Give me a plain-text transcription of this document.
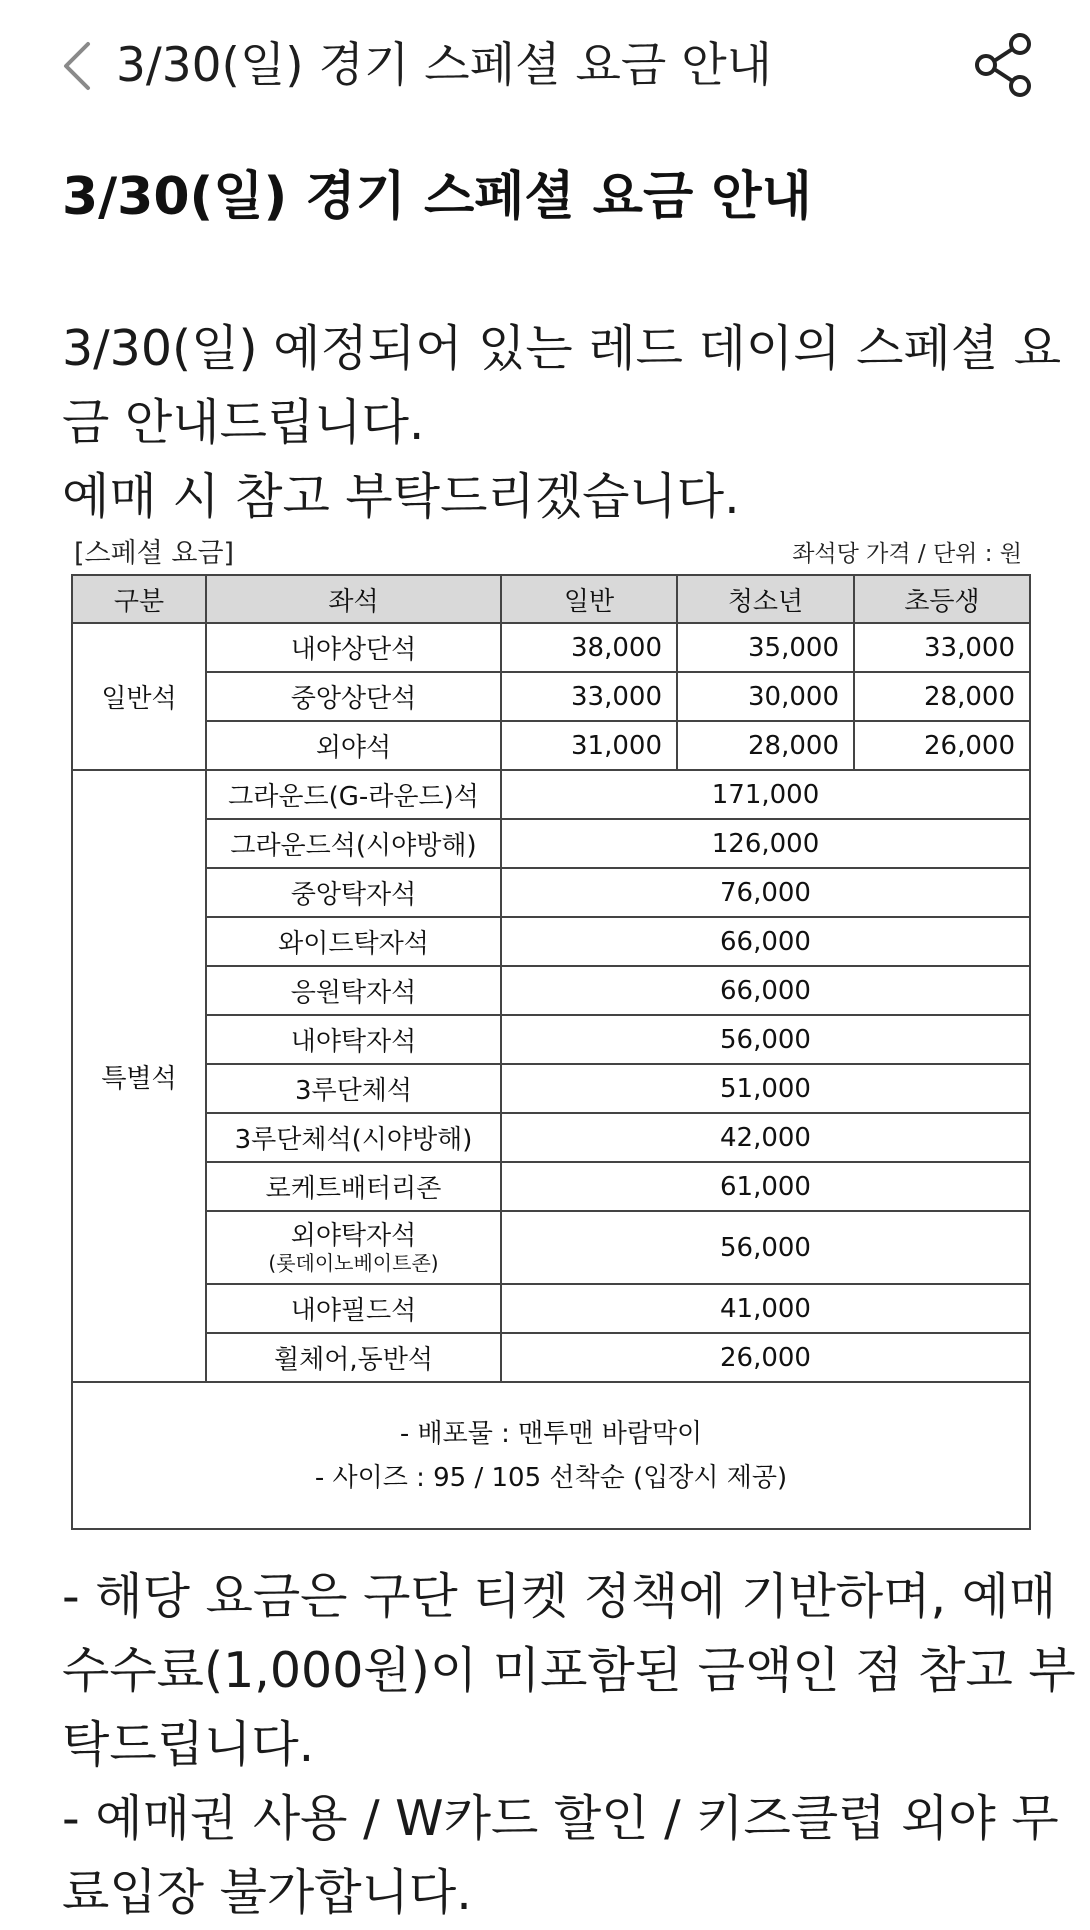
3/30(일) 경기 스페셜 요금 안내
3/30(일) 경기 스페셜 요금 안내
3/30(일) 예정되어 있는 레드 데이의 스페셜 요
금 안내드립니다.
예매 시 참고 부탁드리겠습니다.
[스페셜 요금]	좌석당 가격 / 단위 : 원
구분	좌석	일반	청소년	초등생
일반석	내야상단석	38,000	35,000	33,000
	중앙상단석	33,000	30,000	28,000
	외야석	31,000	28,000	26,000
특별석	그라운드(G-라운드)석	171,000		
	그라운드석(시야방해)	126,000		
	중앙탁자석	76,000		
	와이드탁자석	66,000		
	응원탁자석	66,000		
	내야탁자석	56,000		
	3루단체석	51,000		
	3루단체석(시야방해)	42,000		
	로케트배터리존	61,000		
	외야탁자석
(롯데이노베이트존)	56,000		
	내야필드석	41,000		
	휠체어,동반석	26,000		

- 배포물 : 맨투맨 바람막이
- 사이즈 : 95 / 105 선착순 (입장시 제공)				
- 해당 요금은 구단 티켓 정책에 기반하며, 예매
수수료(1,000원)이 미포함된 금액인 점 참고 부
탁드립니다.
- 예매권 사용 / W카드 할인 / 키즈클럽 외야 무
료입장 불가합니다.
